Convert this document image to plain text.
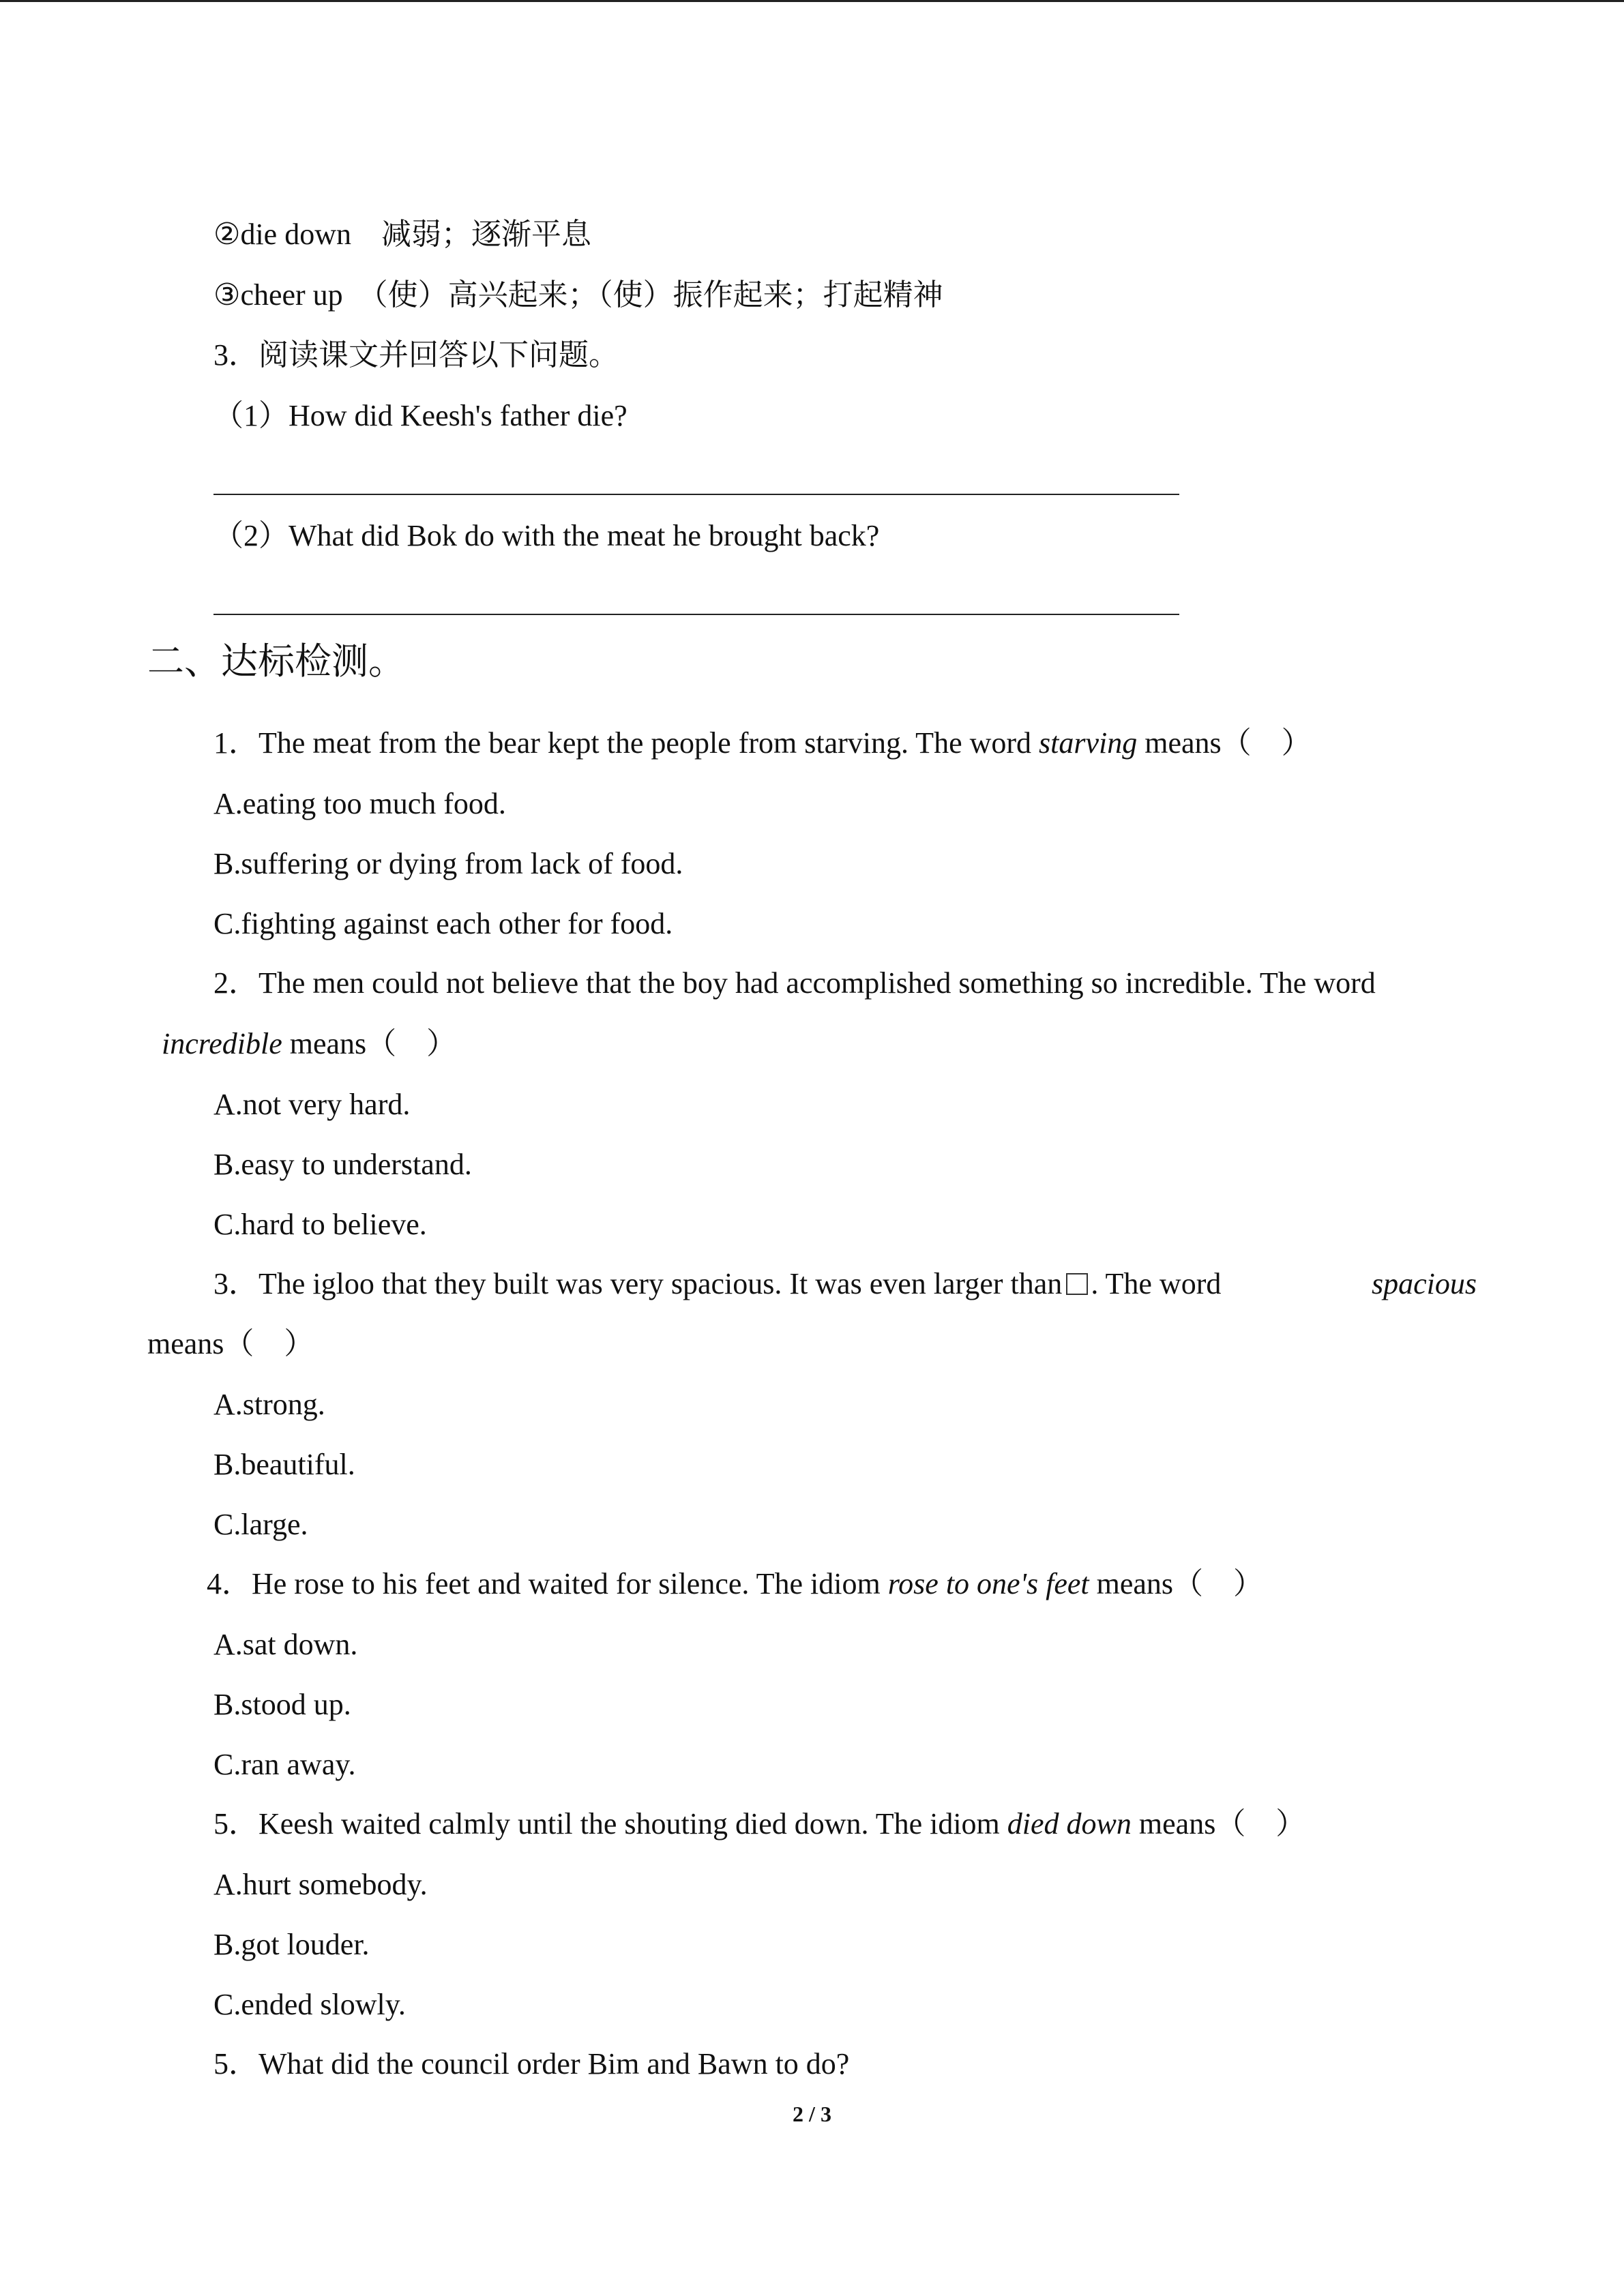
②die down　减弱；逐渐平息
③cheer up　（使）高兴起来；（使）振作起来；打起精神
3．阅读课文并回答以下问题。
（1）How did Keesh's father die?
（2）What did Bok do with the meat he brought back?
二、达标检测。
1．The meat from the bear kept the people from starving. The word starving means（　）
A.eating too much food.
B.suffering or dying from lack of food.
C.fighting against each other for food.
2．The men could not believe that the boy had accomplished something so incredible. The word
incredible means（　）
A.not very hard.
B.easy to understand.
C.hard to believe.
3．The igloo that they built was very spacious. It was even larger than . The word	spacious
means（　）
A.strong.
B.beautiful.
C.large.
4．He rose to his feet and waited for silence. The idiom rose to one's feet means（　）
A.sat down.
B.stood up.
C.ran away.
5．Keesh waited calmly until the shouting died down. The idiom died down means（　）
A.hurt somebody.
B.got louder.
C.ended slowly.
5．What did the council order Bim and Bawn to do?
2 / 3
